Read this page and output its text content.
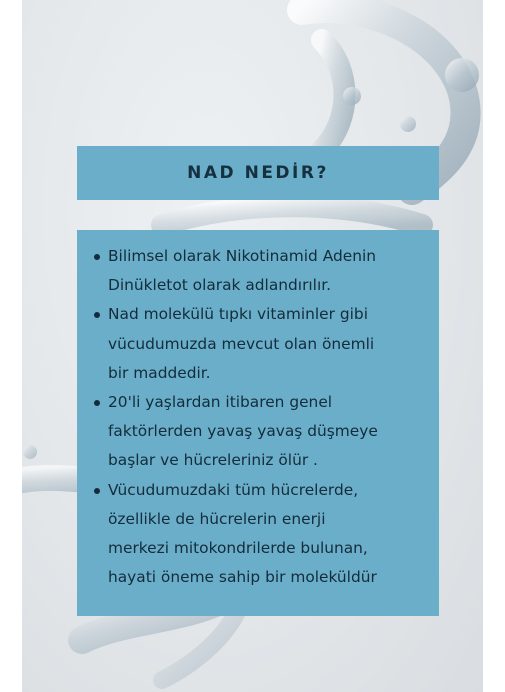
NAD NEDİR?
Bilimsel olarak Nikotinamid Adenin
Dinükletot olarak adlandırılır.
Nad molekülü tıpkı vitaminler gibi
vücudumuzda mevcut olan önemli
bir maddedir.
20'li yaşlardan itibaren genel
faktörlerden yavaş yavaş düşmeye
başlar ve hücreleriniz ölür .
Vücudumuzdaki tüm hücrelerde,
özellikle de hücrelerin enerji
merkezi mitokondrilerde bulunan,
hayati öneme sahip bir moleküldür
